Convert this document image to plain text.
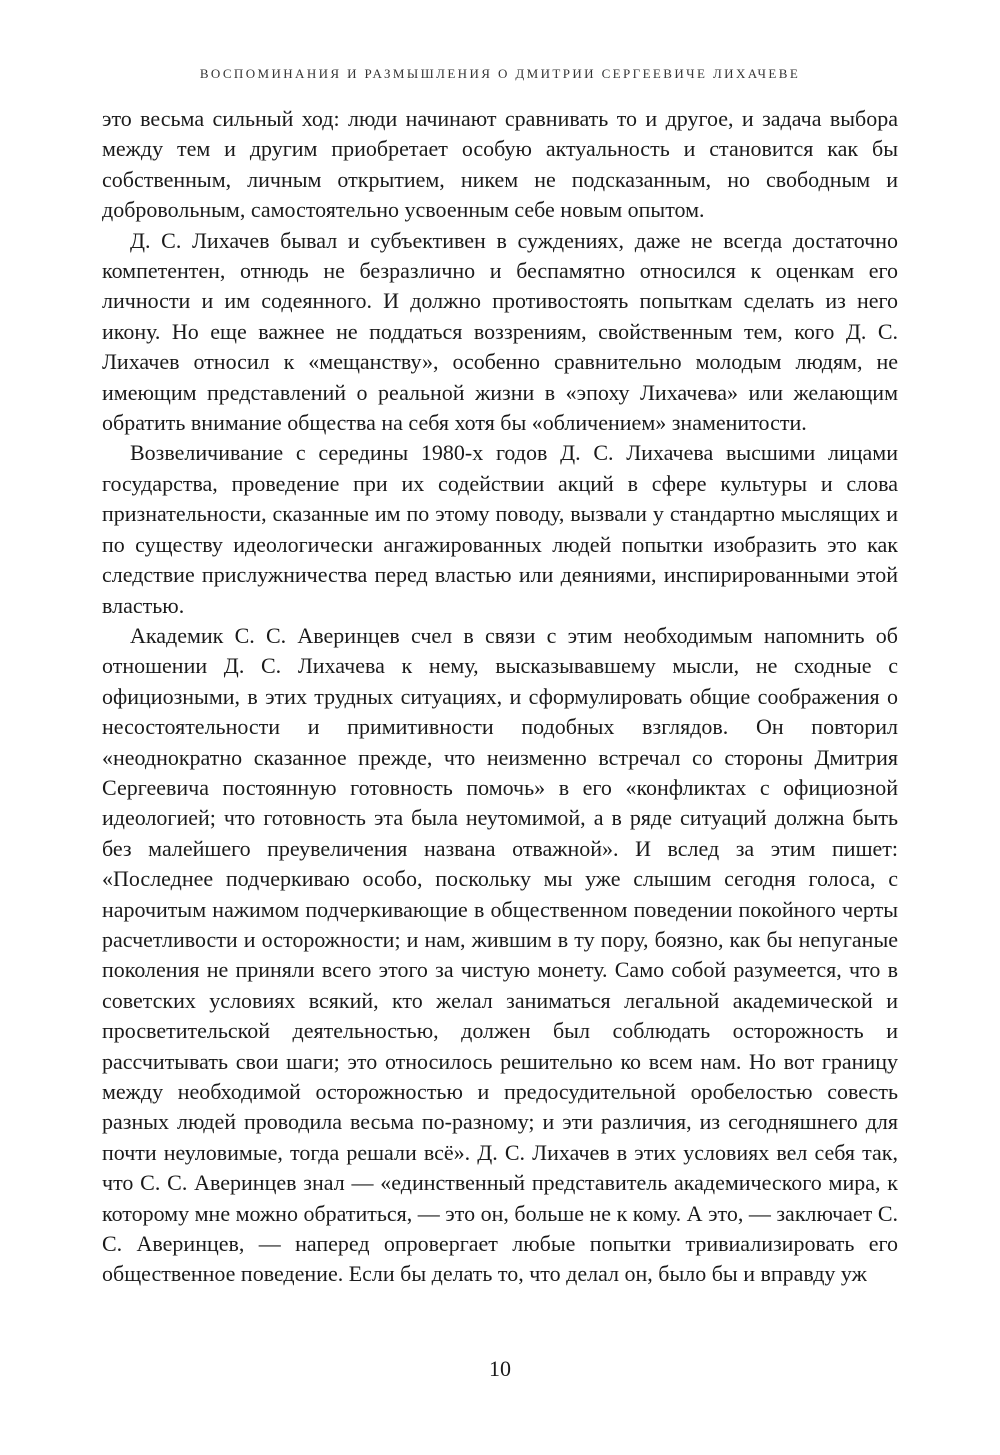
ВОСПОМИНАНИЯ И РАЗМЫШЛЕНИЯ О ДМИТРИИ СЕРГЕЕВИЧЕ ЛИХАЧЕВЕ

это весьма сильный ход: люди начинают сравнивать то и другое, и задача выбора между тем и другим приобретает особую актуальность и становится как бы собственным, личным открытием, никем не подсказанным, но свободным и добровольным, самостоятельно усвоенным себе новым опытом.

Д. С. Лихачев бывал и субъективен в суждениях, даже не всегда достаточно компетентен, отнюдь не безразлично и беспамятно относился к оценкам его личности и им содеянного. И должно противостоять попыткам сделать из него икону. Но еще важнее не поддаться воззрениям, свойственным тем, кого Д. С. Лихачев относил к «мещанству», особенно сравнительно молодым людям, не имеющим представлений о реальной жизни в «эпоху Лихачева» или желающим обратить внимание общества на себя хотя бы «обличением» знаменитости.

Возвеличивание с середины 1980-х годов Д. С. Лихачева высшими лицами государства, проведение при их содействии акций в сфере культуры и слова признательности, сказанные им по этому поводу, вызвали у стандартно мыслящих и по существу идеологически ангажированных людей попытки изобразить это как следствие прислужничества перед властью или деяниями, инспирированными этой властью.

Академик С. С. Аверинцев счел в связи с этим необходимым напомнить об отношении Д. С. Лихачева к нему, высказывавшему мысли, не сходные с официозными, в этих трудных ситуациях, и сформулировать общие соображения о несостоятельности и примитивности подобных взглядов. Он повторил «неоднократно сказанное прежде, что неизменно встречал со стороны Дмитрия Сергеевича постоянную готовность помочь» в его «конфликтах с официозной идеологией; что готовность эта была неутомимой, а в ряде ситуаций должна быть без малейшего преувеличения названа отважной». И вслед за этим пишет: «Последнее подчеркиваю особо, поскольку мы уже слышим сегодня голоса, с нарочитым нажимом подчеркивающие в общественном поведении покойного черты расчетливости и осторожности; и нам, жившим в ту пору, боязно, как бы непуганые поколения не приняли всего этого за чистую монету. Само собой разумеется, что в советских условиях всякий, кто желал заниматься легальной академической и просветительской деятельностью, должен был соблюдать осторожность и рассчитывать свои шаги; это относилось решительно ко всем нам. Но вот границу между необходимой осторожностью и предосудительной оробелостью совесть разных людей проводила весьма по-разному; и эти различия, из сегодняшнего для почти неуловимые, тогда решали всё». Д. С. Лихачев в этих условиях вел себя так, что С. С. Аверинцев знал — «единственный представитель академического мира, к которому мне можно обратиться, — это он, больше не к кому. А это, — заключает С. С. Аверинцев, — наперед опровергает любые попытки тривиализировать его общественное поведение. Если бы делать то, что делал он, было бы и вправду уж

10
